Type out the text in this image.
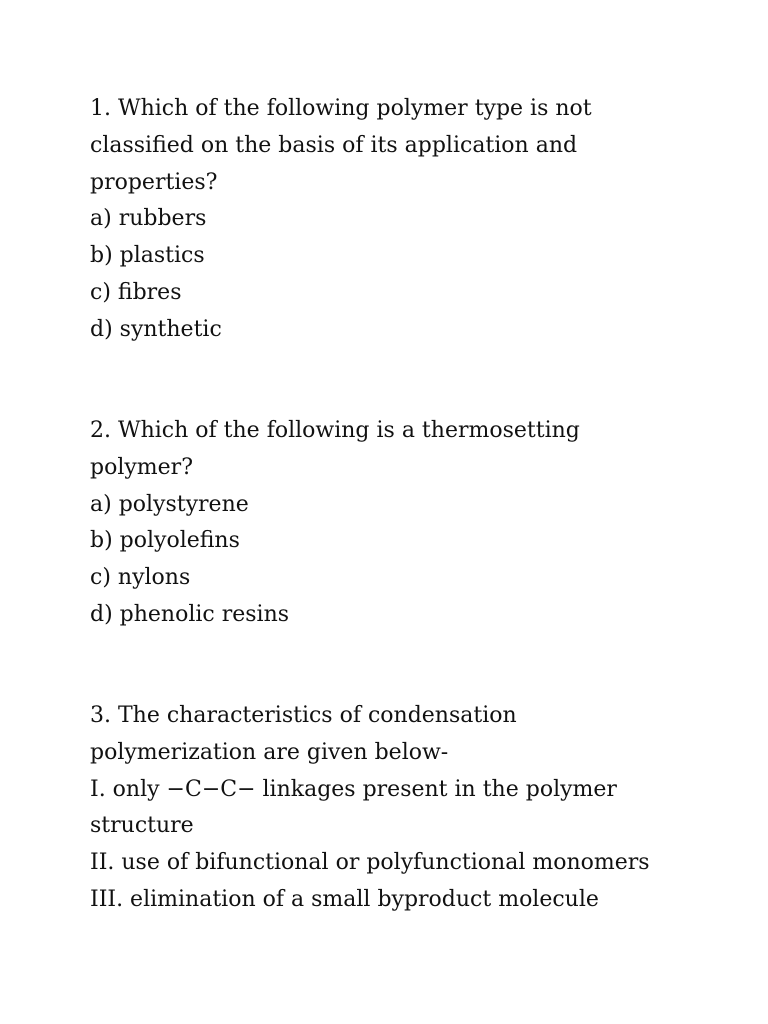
1. Which of the following polymer type is not
classified on the basis of its application and
properties?
a) rubbers
b) plastics
c) fibres
d) synthetic
2. Which of the following is a thermosetting
polymer?
a) polystyrene
b) polyolefins
c) nylons
d) phenolic resins
3. The characteristics of condensation
polymerization are given below-
I. only −C−C− linkages present in the polymer
structure
II. use of bifunctional or polyfunctional monomers
III. elimination of a small byproduct molecule
